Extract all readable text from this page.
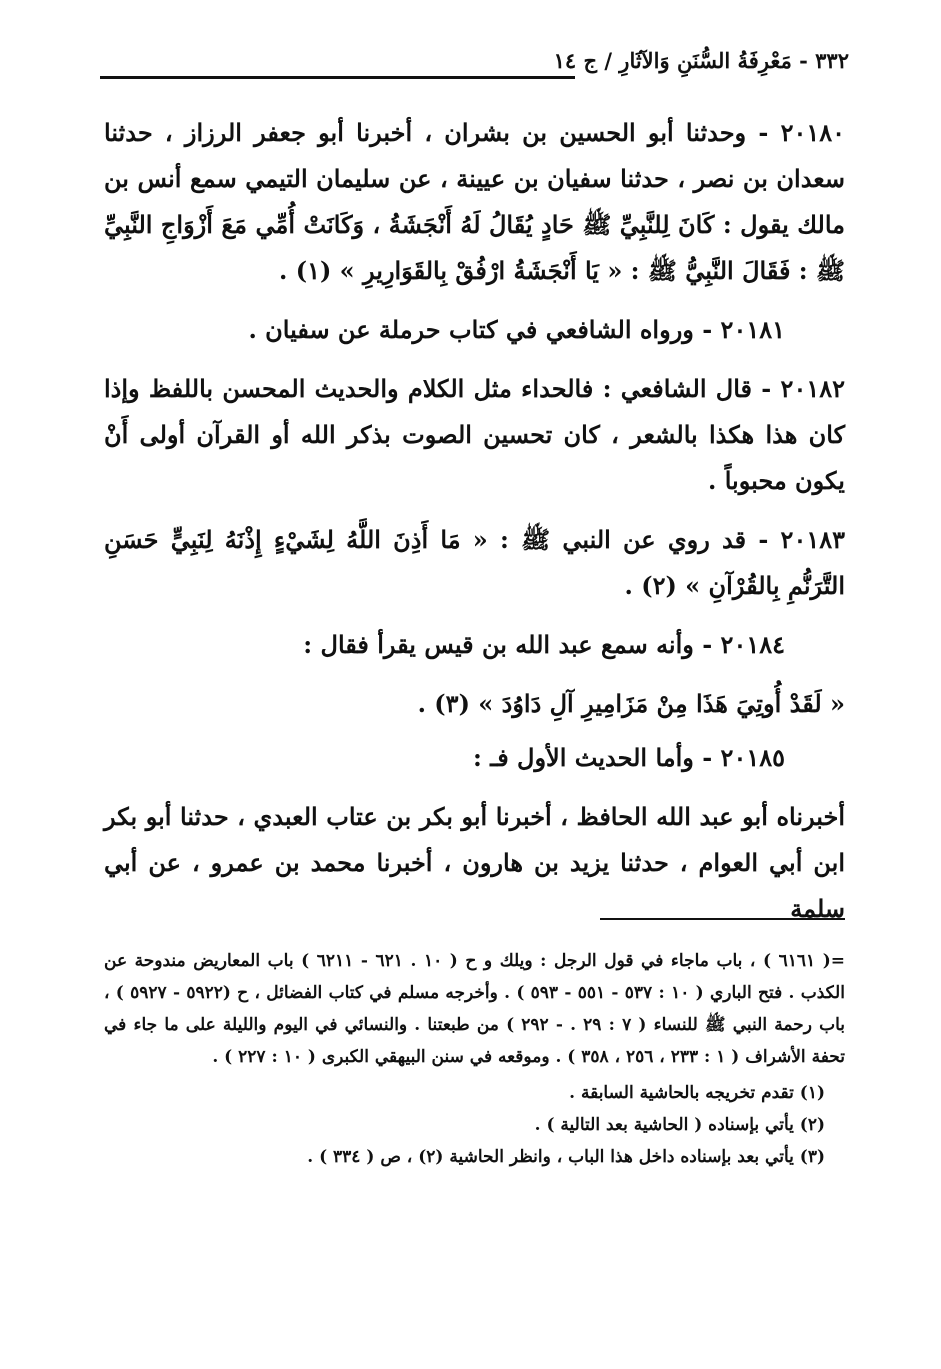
٣٣٢ - مَعْرِفَةُ السُّنَنِ وَالآثَارِ / ج ١٤

٢٠١٨٠ - وحدثنا أبو الحسين بن بشران ، أخبرنا أبو جعفر الرزاز ، حدثنا سعدان بن نصر ، حدثنا سفيان بن عيينة ، عن سليمان التيمي سمع أنس بن مالك يقول : كَانَ لِلنَّبِيِّ ﷺ حَادٍ يُقَالُ لَهُ أَنْجَشَةُ ، وَكَانَتْ أُمِّي مَعَ أَزْوَاجِ النَّبِيِّ ﷺ : فَقَالَ النَّبِيُّ ﷺ : « يَا أَنْجَشَةُ ارْفُقْ بِالقَوَارِيرِ » (١) .

٢٠١٨١ - ورواه الشافعي في كتاب حرملة عن سفيان .

٢٠١٨٢ - قال الشافعي : فالحداء مثل الكلام والحديث المحسن باللفظ وإذا كان هذا هكذا بالشعر ، كان تحسين الصوت بذكر الله أو القرآن أولى أَنْ يكون محبوباً .

٢٠١٨٣ - قد روي عن النبي ﷺ : « مَا أَذِنَ اللَّهُ لِشَيْءٍ إِذْنَهُ لِنَبِيٍّ حَسَنِ التَّرَنُّمِ بِالقُرْآنِ » (٢) .

٢٠١٨٤ - وأنه سمع عبد الله بن قيس يقرأ فقال :

« لَقَدْ أُوتِيَ هَذَا مِنْ مَزَامِيرِ آلِ دَاوُدَ » (٣) .

٢٠١٨٥ - وأما الحديث الأول فـ :

أخبرناه أبو عبد الله الحافظ ، أخبرنا أبو بكر بن عتاب العبدي ، حدثنا أبو بكر ابن أبي العوام ، حدثنا يزيد بن هارون ، أخبرنا محمد بن عمرو ، عن أبي سلمة

=( ٦١٦١ ) ، باب ماجاء في قول الرجل : ويلك و ح ( ١٠ . ٦٢١ - ٦٢١١ ) باب المعاريض مندوحة عن الكذب . فتح الباري ( ١٠ : ٥٣٧ - ٥٥١ - ٥٩٣ ) . وأخرجه مسلم في كتاب الفضائل ، ح (٥٩٢٢ - ٥٩٢٧ ) ، باب رحمة النبي ﷺ للنساء ( ٧ : ٢٩ . - ٢٩٢ ) من طبعتنا . والنسائي في اليوم والليلة على ما جاء في تحفة الأشراف ( ١ : ٢٣٣ ، ٢٥٦ ، ٣٥٨ ) . وموقعه في سنن البيهقي الكبرى ( ١٠ : ٢٢٧ ) .

(١) تقدم تخريجه بالحاشية السابقة .

(٢) يأتي بإسناده ( الحاشية بعد التالية ) .

(٣) يأتي بعد بإسناده داخل هذا الباب ، وانظر الحاشية (٢) ، ص ( ٣٣٤ ) .
